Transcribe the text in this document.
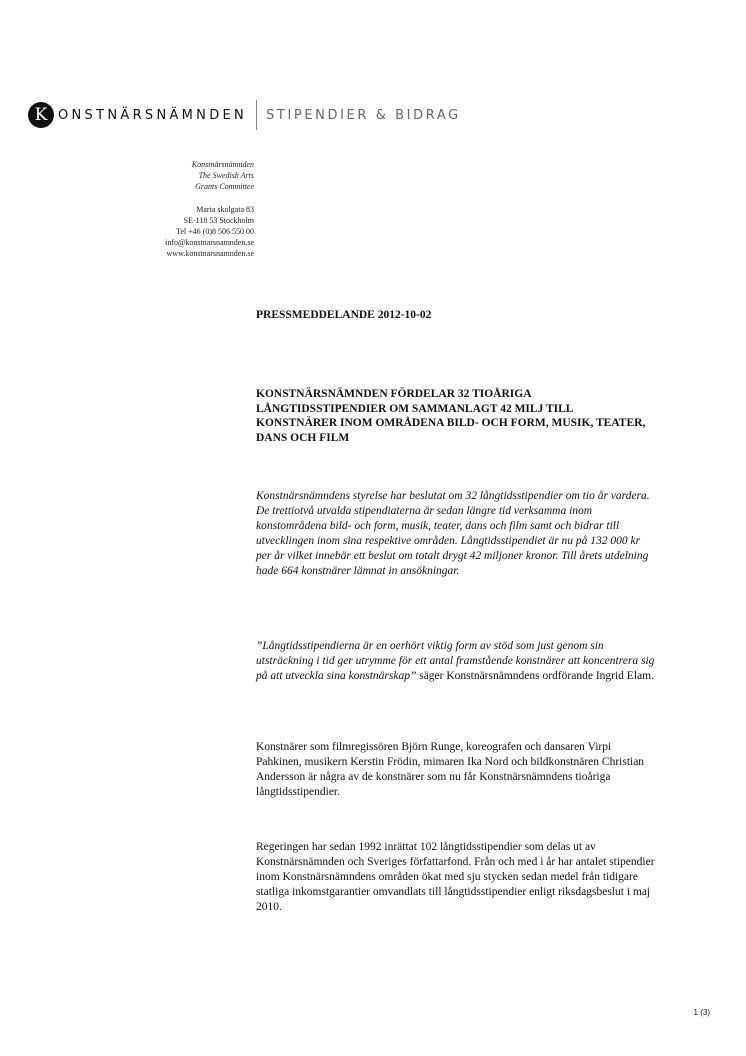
K ONSTNÄRSNÄMNDEN STIPENDIER & BIDRAG
Konstnärsnämnden
The Swedish Arts
Grants Committee
Maria skolgata 83
SE-118 53 Stockholm
Tel +46 (0)8 506 550 00
info@konstnarsnamnden.se
www.konstnarsnamnden.se
PRESSMEDDELANDE 2012-10-02
KONSTNÄRSNÄMNDEN FÖRDELAR 32 TIOÅRIGA LÅNGTIDSSTIPENDIER OM SAMMANLAGT 42 MILJ TILL KONSTNÄRER INOM OMRÅDENA BILD- OCH FORM, MUSIK, TEATER, DANS OCH FILM

Konstnärsnämndens styrelse har beslutat om 32 långtidsstipendier om tio år vardera. De trettiotvå utvalda stipendiaterna är sedan längre tid verksamma inom konstområdena bild- och form, musik, teater, dans och film samt och bidrar till utvecklingen inom sina respektive områden. Långtidsstipendiet är nu på 132 000 kr per år vilket innebär ett beslut om totalt drygt 42 miljoner kronor. Till årets utdelning hade 664 konstnärer lämnat in ansökningar.

”Långtidsstipendierna är en oerhört viktig form av stöd som just genom sin utsträckning i tid ger utrymme för ett antal framstående konstnärer att koncentrera sig på att utveckla sina konstnärskap” säger Konstnärsnämndens ordförande Ingrid Elam.

Konstnärer som filmregissören Björn Runge, koreografen och dansaren Virpi Pahkinen, musikern Kerstin Frödin, mimaren Ika Nord och bildkonstnären Christian Andersson är några av de konstnärer som nu får Konstnärsnämndens tioåriga långtidsstipendier.

Regeringen har sedan 1992 inrättat 102 långtidsstipendier som delas ut av Konstnärsnämnden och Sveriges författarfond. Från och med i år har antalet stipendier inom Konstnärsnämndens områden ökat med sju stycken sedan medel från tidigare statliga inkomstgarantier omvandlats till långtidsstipendier enligt riksdagsbeslut i maj 2010.

1 (3)
